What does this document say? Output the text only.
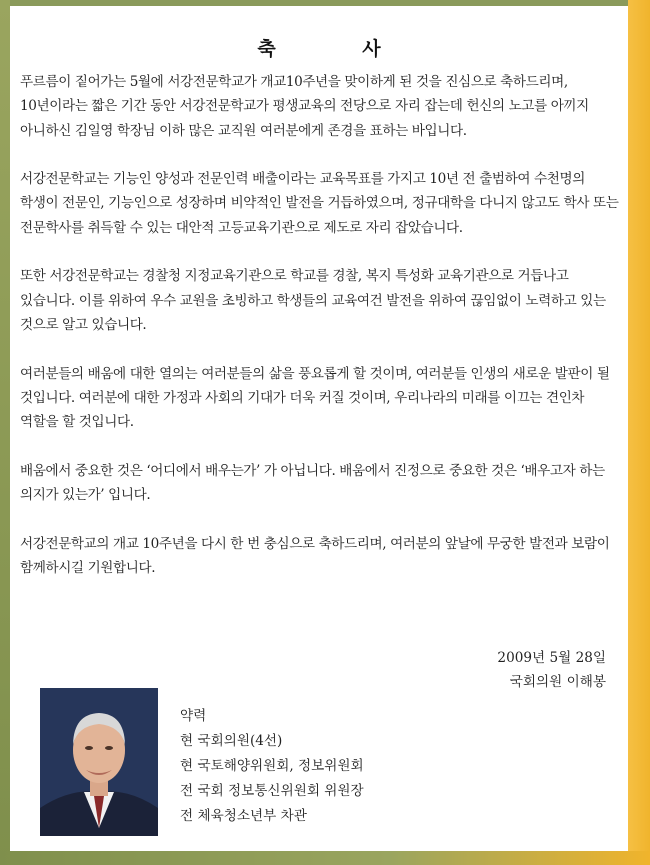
축 사

푸르름이 짙어가는 5월에 서강전문학교가 개교10주년을 맞이하게 된 것을 진심으로 축하드리며, 10년이라는 짧은 기간 동안 서강전문학교가 평생교육의 전당으로 자리 잡는데 헌신의 노고를 아끼지 아니하신 김일영 학장님 이하 많은 교직원 여러분에게 존경을 표하는 바입니다.

서강전문학교는 기능인 양성과 전문인력 배출이라는 교육목표를 가지고 10년 전 출범하여 수천명의 학생이 전문인, 기능인으로 성장하며 비약적인 발전을 거듭하였으며, 정규대학을 다니지 않고도 학사 또는 전문학사를 취득할 수 있는 대안적 고등교육기관으로 제도로 자리 잡았습니다.

또한 서강전문학교는 경찰청 지정교육기관으로 학교를 경찰, 복지 특성화 교육기관으로 거듭나고 있습니다. 이를 위하여 우수 교원을 초빙하고 학생들의 교육여건 발전을 위하여 끊임없이 노력하고 있는 것으로 알고 있습니다.

여러분들의 배움에 대한 열의는 여러분들의 삶을 풍요롭게 할 것이며, 여러분들 인생의 새로운 발판이 될 것입니다. 여러분에 대한 가정과 사회의 기대가 더욱 커질 것이며, 우리나라의 미래를 이끄는 견인차 역할을 할 것입니다.

배움에서 중요한 것은 ‘어디에서 배우는가’ 가 아닙니다. 배움에서 진정으로 중요한 것은 ‘배우고자 하는 의지가 있는가’ 입니다.

서강전문학교의 개교 10주년을 다시 한 번 충심으로 축하드리며, 여러분의 앞날에 무궁한 발전과 보람이 함께하시길 기원합니다.

2009년 5월 28일
국회의원 이해봉
약력
현 국회의원(4선)
현 국토해양위원회, 정보위원회
전 국회 정보통신위원회 위원장
전 체육청소년부 차관
